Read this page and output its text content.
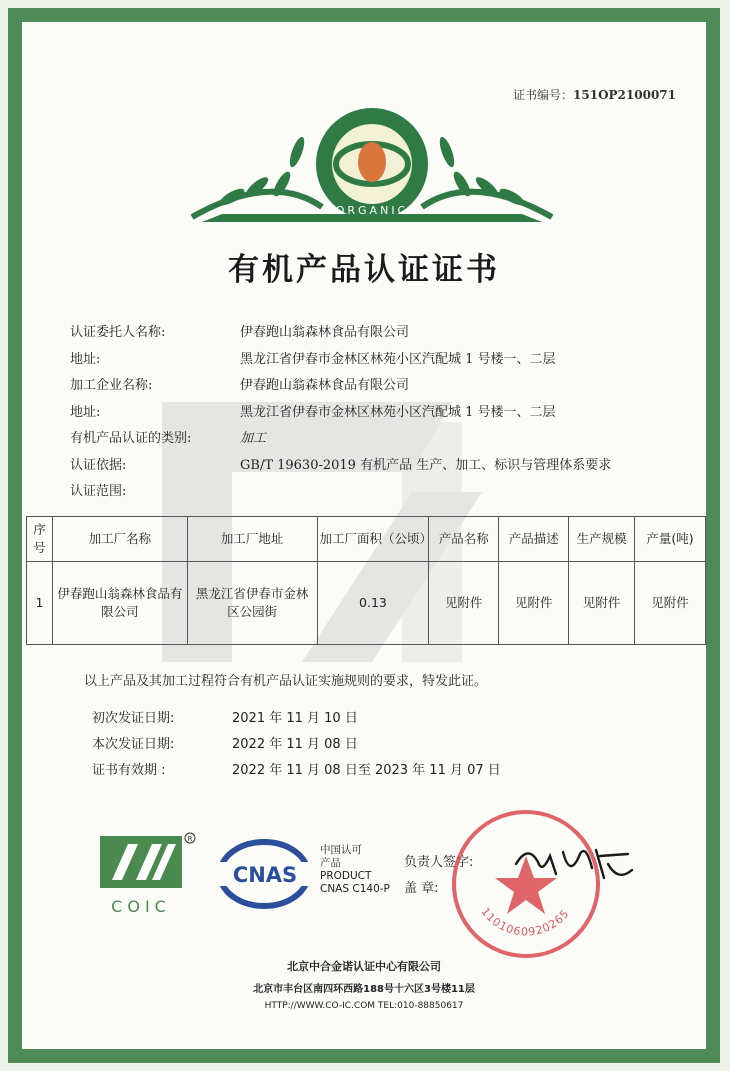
证书编号：151OP2100071
ORGANIC
有机产品认证证书
认证委托人名称:	伊春跑山翁森林食品有限公司
地址:	黑龙江省伊春市金林区林苑小区汽配城 1 号楼一、二层
加工企业名称:	伊春跑山翁森林食品有限公司
地址:	黑龙江省伊春市金林区林苑小区汽配城 1 号楼一、二层
有机产品认证的类别:	加工
认证依据:	GB/T 19630-2019 有机产品 生产、加工、标识与管理体系要求
认证范围:
序号	加工厂名称	加工厂地址	加工厂面积（公顷）	产品名称	产品描述	生产规模	产量(吨)
1	伊春跑山翁森林食品有限公司	黑龙江省伊春市金林区公园街	0.13	见附件	见附件	见附件	见附件
以上产品及其加工过程符合有机产品认证实施规则的要求，特发此证。
初次发证日期:	2021 年 11 月 10 日
本次发证日期:	2022 年 11 月 08 日
证书有效期 :	2022 年 11 月 08 日至 2023 年 11 月 07 日
R
COIC
CNAS
中国认可
产品
PRODUCT
CNAS C140-P
负责人签字:
盖 章:
1101060920265
北京中合金诺认证中心有限公司
北京市丰台区南四环西路188号十六区3号楼11层
HTTP://WWW.CO-IC.COM TEL:010-88850617
